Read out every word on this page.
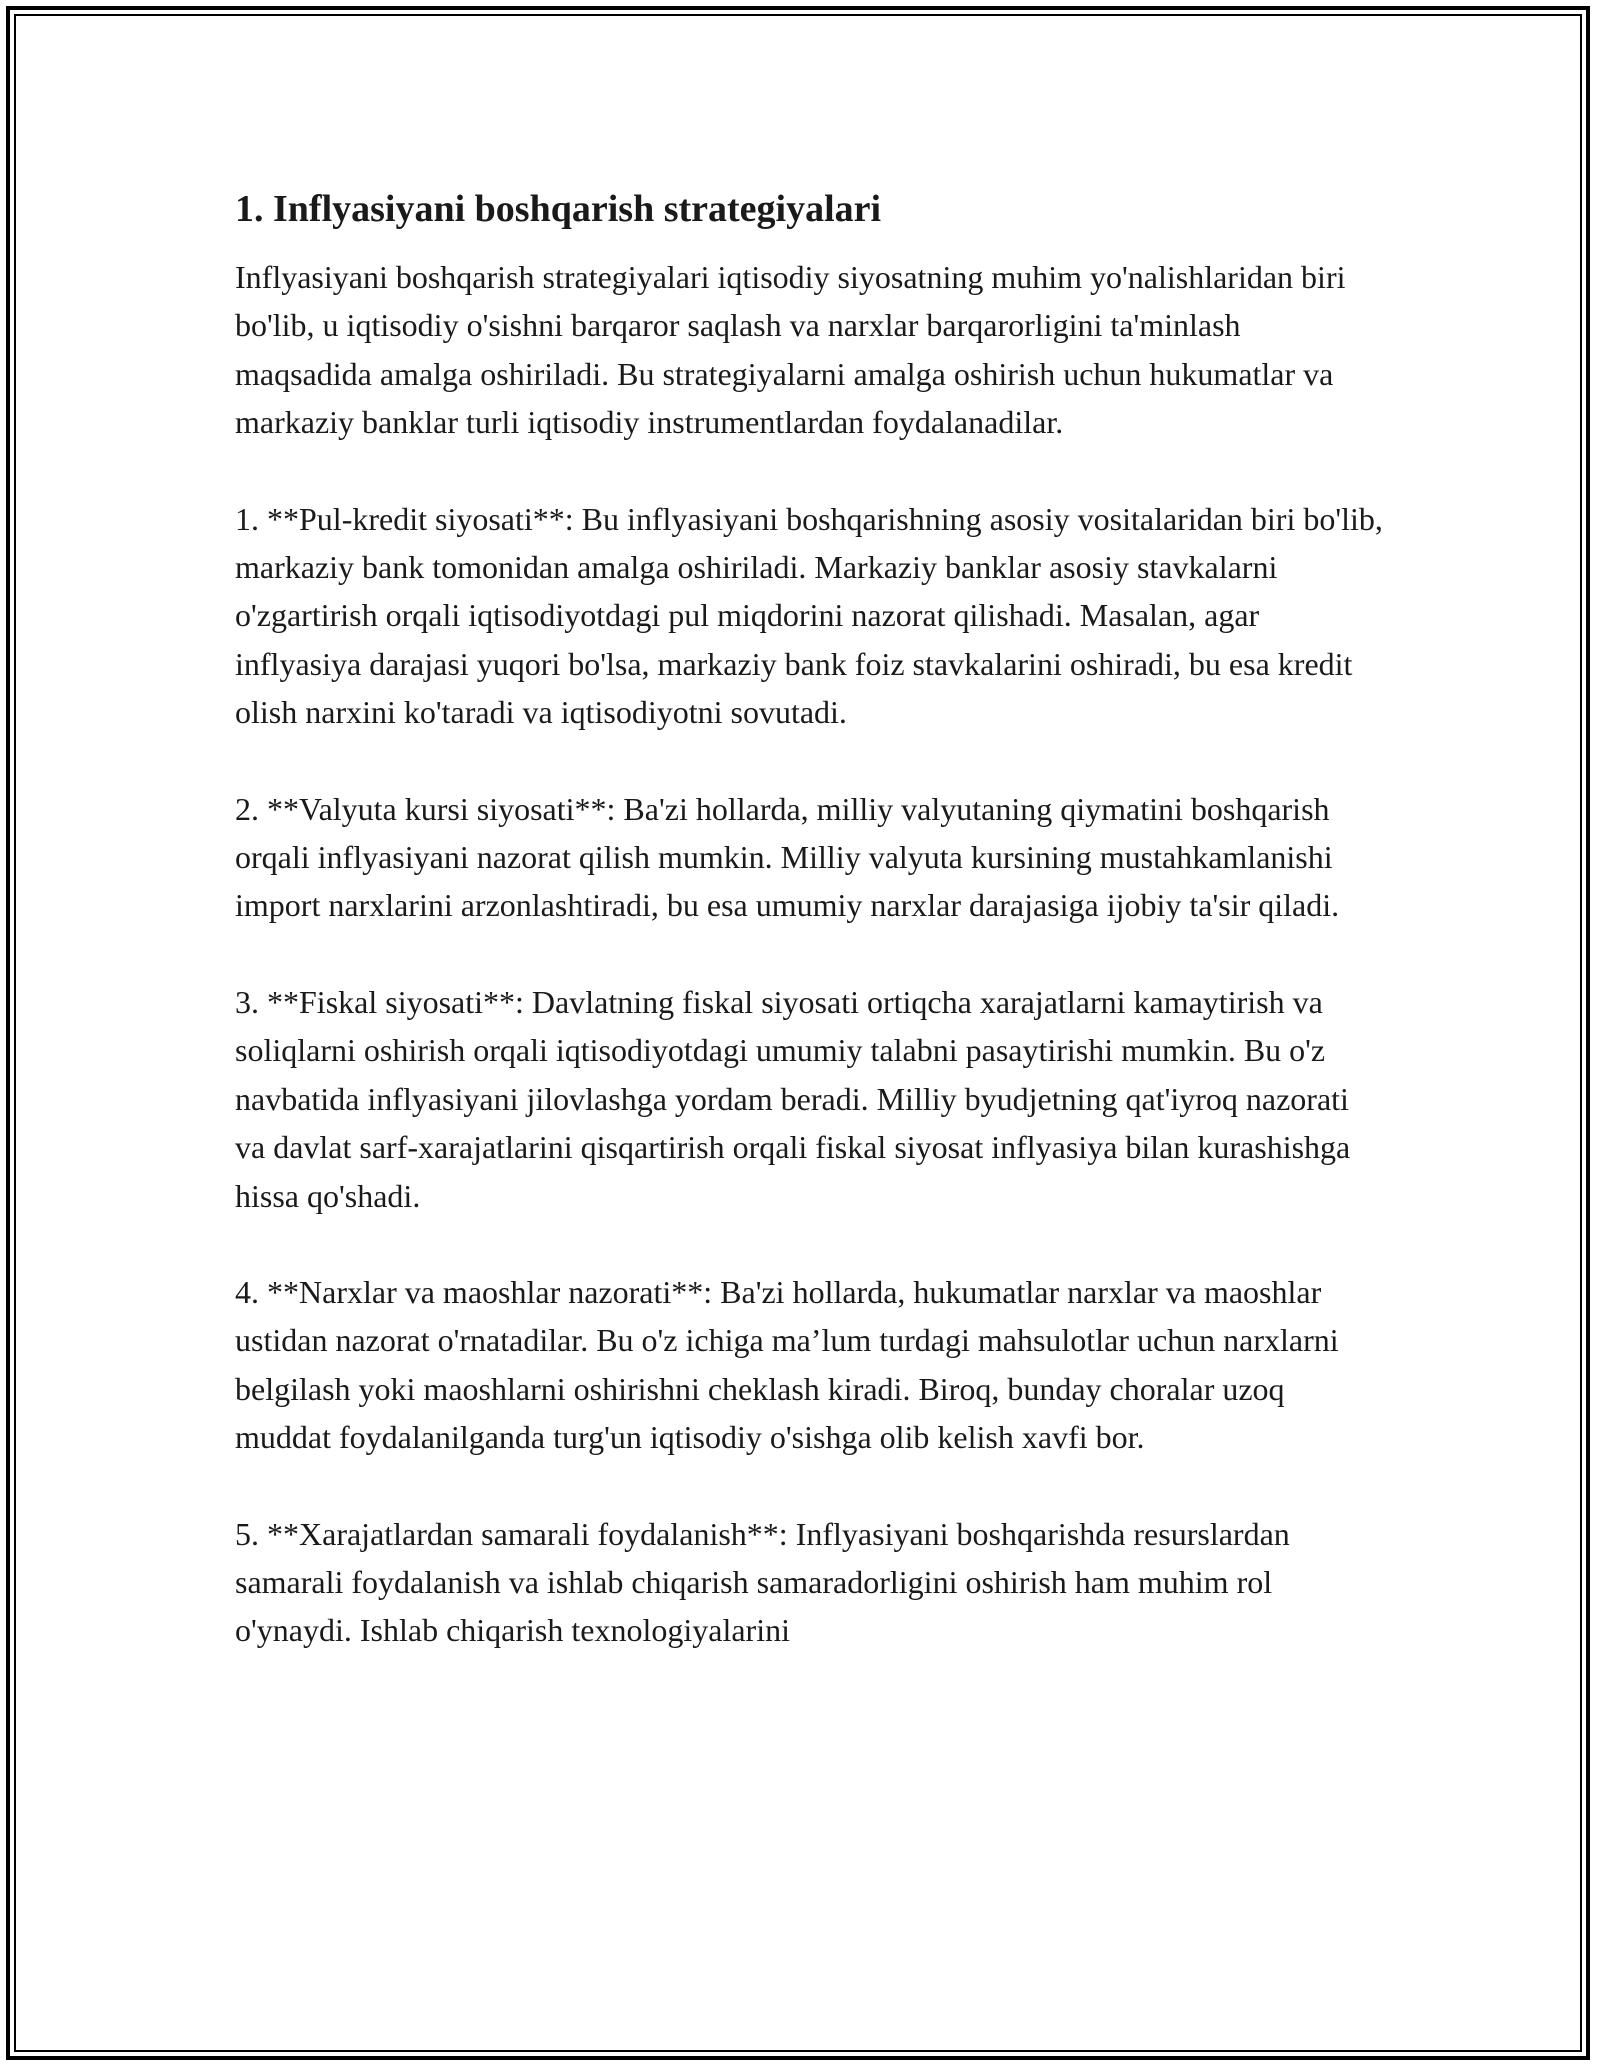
1. Inflyasiyani boshqarish strategiyalari

Inflyasiyani boshqarish strategiyalari iqtisodiy siyosatning muhim yo'nalishlaridan biri bo'lib, u iqtisodiy o'sishni barqaror saqlash va narxlar barqarorligini ta'minlash maqsadida amalga oshiriladi. Bu strategiyalarni amalga oshirish uchun hukumatlar va markaziy banklar turli iqtisodiy instrumentlardan foydalanadilar.

1. **Pul-kredit siyosati**: Bu inflyasiyani boshqarishning asosiy vositalaridan biri bo'lib, markaziy bank tomonidan amalga oshiriladi. Markaziy banklar asosiy stavkalarni o'zgartirish orqali iqtisodiyotdagi pul miqdorini nazorat qilishadi. Masalan, agar inflyasiya darajasi yuqori bo'lsa, markaziy bank foiz stavkalarini oshiradi, bu esa kredit olish narxini ko'taradi va iqtisodiyotni sovutadi.

2. **Valyuta kursi siyosati**: Ba'zi hollarda, milliy valyutaning qiymatini boshqarish orqali inflyasiyani nazorat qilish mumkin. Milliy valyuta kursining mustahkamlanishi import narxlarini arzonlashtiradi, bu esa umumiy narxlar darajasiga ijobiy ta'sir qiladi.

3. **Fiskal siyosati**: Davlatning fiskal siyosati ortiqcha xarajatlarni kamaytirish va soliqlarni oshirish orqali iqtisodiyotdagi umumiy talabni pasaytirishi mumkin. Bu o'z navbatida inflyasiyani jilovlashga yordam beradi. Milliy byudjetning qat'iyroq nazorati va davlat sarf-xarajatlarini qisqartirish orqali fiskal siyosat inflyasiya bilan kurashishga hissa qo'shadi.

4. **Narxlar va maoshlar nazorati**: Ba'zi hollarda, hukumatlar narxlar va maoshlar ustidan nazorat o'rnatadilar. Bu o'z ichiga ma’lum turdagi mahsulotlar uchun narxlarni belgilash yoki maoshlarni oshirishni cheklash kiradi. Biroq, bunday choralar uzoq muddat foydalanilganda turg'un iqtisodiy o'sishga olib kelish xavfi bor.

5. **Xarajatlardan samarali foydalanish**: Inflyasiyani boshqarishda resurslardan samarali foydalanish va ishlab chiqarish samaradorligini oshirish ham muhim rol o'ynaydi. Ishlab chiqarish texnologiyalarini
